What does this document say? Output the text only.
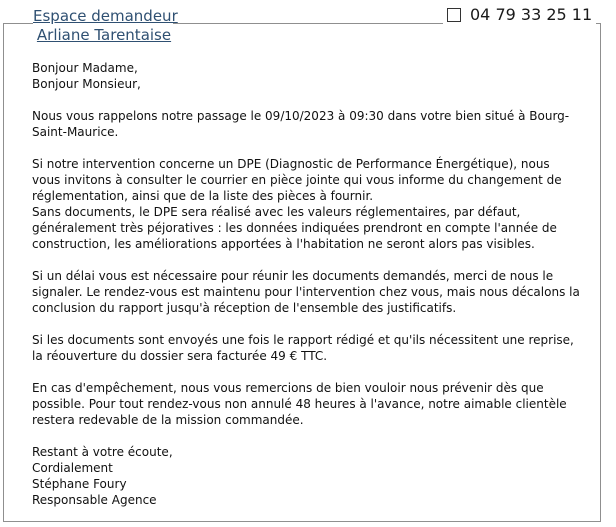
Espace demandeur
Arliane Tarentaise
04 79 33 25 11

Bonjour Madame,
Bonjour Monsieur,

Nous vous rappelons notre passage le 09/10/2023 à 09:30 dans votre bien situé à Bourg-Saint-Maurice.

Si notre intervention concerne un DPE (Diagnostic de Performance Énergétique), nous vous invitons à consulter le courrier en pièce jointe qui vous informe du changement de réglementation, ainsi que de la liste des pièces à fournir.

Sans documents, le DPE sera réalisé avec les valeurs réglementaires, par défaut, généralement très péjoratives : les données indiquées prendront en compte l'année de construction, les améliorations apportées à l'habitation ne seront alors pas visibles.

Si un délai vous est nécessaire pour réunir les documents demandés, merci de nous le signaler. Le rendez-vous est maintenu pour l'intervention chez vous, mais nous décalons la conclusion du rapport jusqu'à réception de l'ensemble des justificatifs.

Si les documents sont envoyés une fois le rapport rédigé et qu'ils nécessitent une reprise, la réouverture du dossier sera facturée 49 € TTC.

En cas d'empêchement, nous vous remercions de bien vouloir nous prévenir dès que possible. Pour tout rendez-vous non annulé 48 heures à l'avance, notre aimable clientèle restera redevable de la mission commandée.

Restant à votre écoute,
Cordialement
Stéphane Foury
Responsable Agence
